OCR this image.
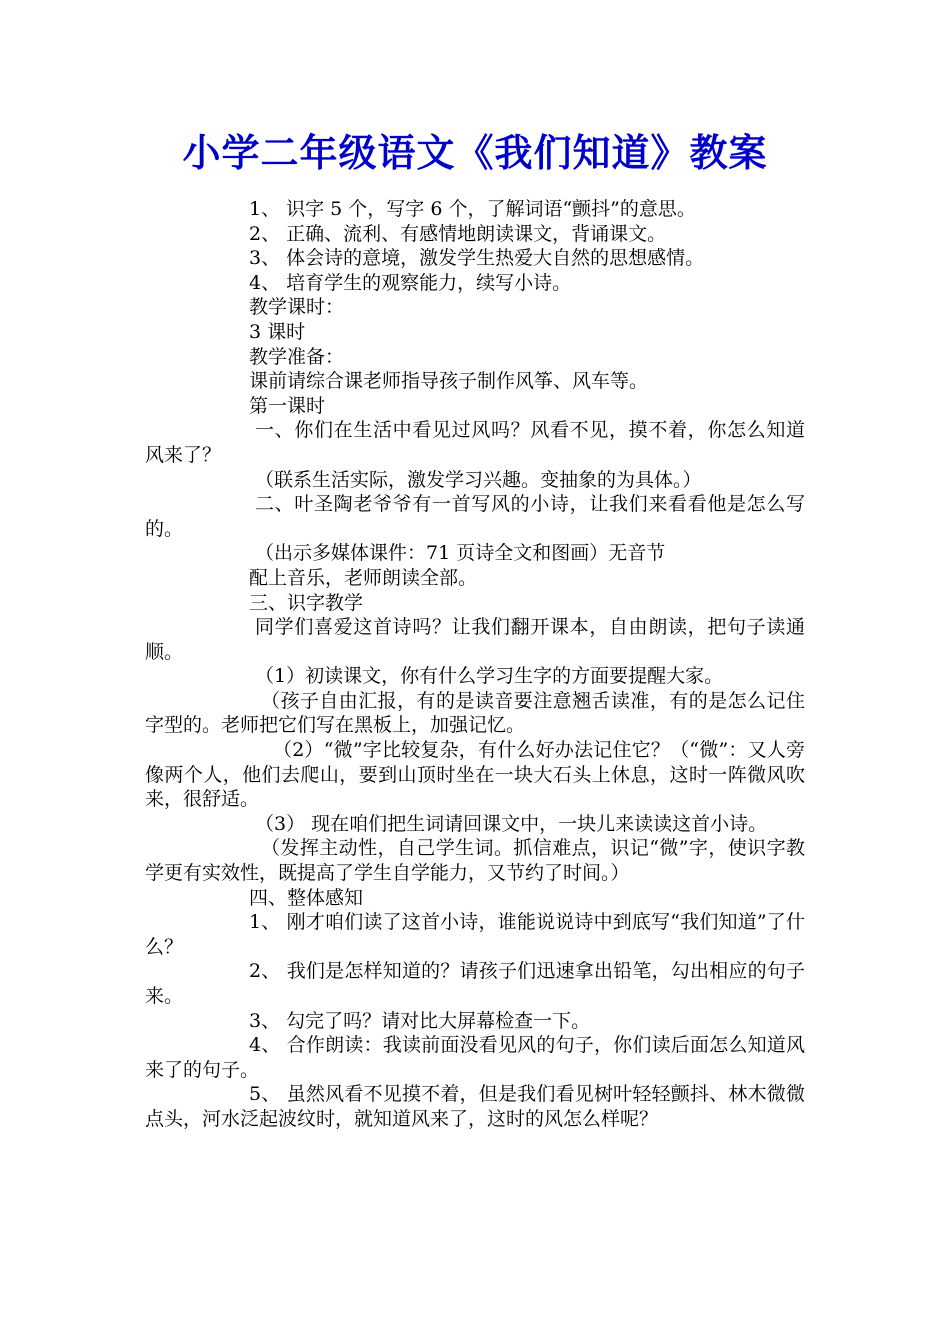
小学二年级语文《我们知道》教案

1、 识字 5 个，写字 6 个，了解词语“颤抖”的意思。

2、 正确、流利、有感情地朗读课文，背诵课文。

3、 体会诗的意境，激发学生热爱大自然的思想感情。

4、 培育学生的观察能力，续写小诗。

教学课时：

3 课时

教学准备：

课前请综合课老师指导孩子制作风筝、风车等。

第一课时

一、你们在生活中看见过风吗？风看不见，摸不着，你怎么知道风来了？

（联系生活实际，激发学习兴趣。变抽象的为具体。）

二、叶圣陶老爷爷有一首写风的小诗，让我们来看看他是怎么写的。

（出示多媒体课件：71 页诗全文和图画）无音节

配上音乐，老师朗读全部。

三、识字教学

同学们喜爱这首诗吗？让我们翻开课本，自由朗读，把句子读通顺。

（1）初读课文，你有什么学习生字的方面要提醒大家。

（孩子自由汇报，有的是读音要注意翘舌读准，有的是怎么记住字型的。老师把它们写在黑板上，加强记忆。

（2）“微”字比较复杂，有什么好办法记住它？（“微”：又人旁像两个人，他们去爬山，要到山顶时坐在一块大石头上休息，这时一阵微风吹来，很舒适。

（3） 现在咱们把生词请回课文中，一块儿来读读这首小诗。

（发挥主动性，自己学生词。抓信难点，识记“微”字，使识字教学更有实效性，既提高了学生自学能力，又节约了时间。）

四、整体感知

1、 刚才咱们读了这首小诗，谁能说说诗中到底写“我们知道”了什么？

2、 我们是怎样知道的？请孩子们迅速拿出铅笔，勾出相应的句子来。

3、 勾完了吗？请对比大屏幕检查一下。

4、 合作朗读：我读前面没看见风的句子，你们读后面怎么知道风来了的句子。

5、 虽然风看不见摸不着，但是我们看见树叶轻轻颤抖、林木微微点头，河水泛起波纹时，就知道风来了，这时的风怎么样呢？
